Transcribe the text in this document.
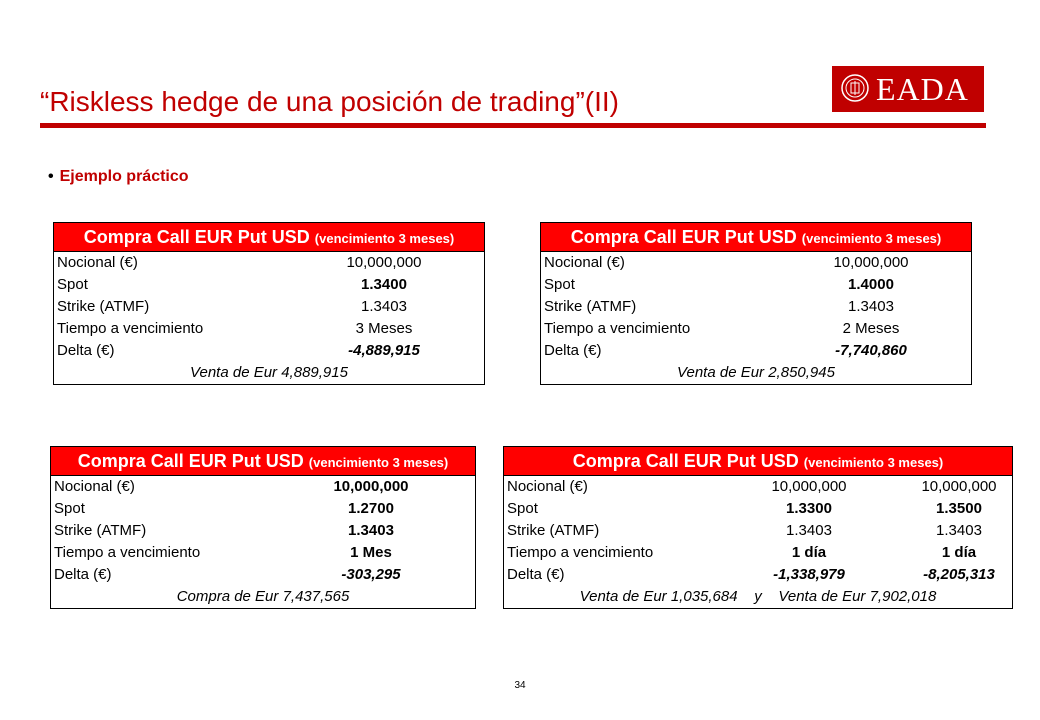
“Riskless hedge de una posición de trading”(II)	EADA
• Ejemplo práctico
Compra Call EUR Put USD (vencimiento 3 meses)
Nocional (€)	10,000,000
Spot	1.3400
Strike (ATMF)	1.3403
Tiempo a vencimiento	3 Meses
Delta (€)	-4,889,915
Venta de Eur 4,889,915
Compra Call EUR Put USD (vencimiento 3 meses)
Nocional (€)	10,000,000
Spot	1.4000
Strike (ATMF)	1.3403
Tiempo a vencimiento	2 Meses
Delta (€)	-7,740,860
Venta de Eur 2,850,945
Compra Call EUR Put USD (vencimiento 3 meses)
Nocional (€)	10,000,000
Spot	1.2700
Strike (ATMF)	1.3403
Tiempo a vencimiento	1 Mes
Delta (€)	-303,295
Compra de Eur 7,437,565
Compra Call EUR Put USD (vencimiento 3 meses)
Nocional (€)	10,000,000	10,000,000
Spot	1.3300	1.3500
Strike (ATMF)	1.3403	1.3403
Tiempo a vencimiento	1 día	1 día
Delta (€)	-1,338,979	-8,205,313
Venta de Eur 1,035,684    y    Venta de Eur 7,902,018
34
